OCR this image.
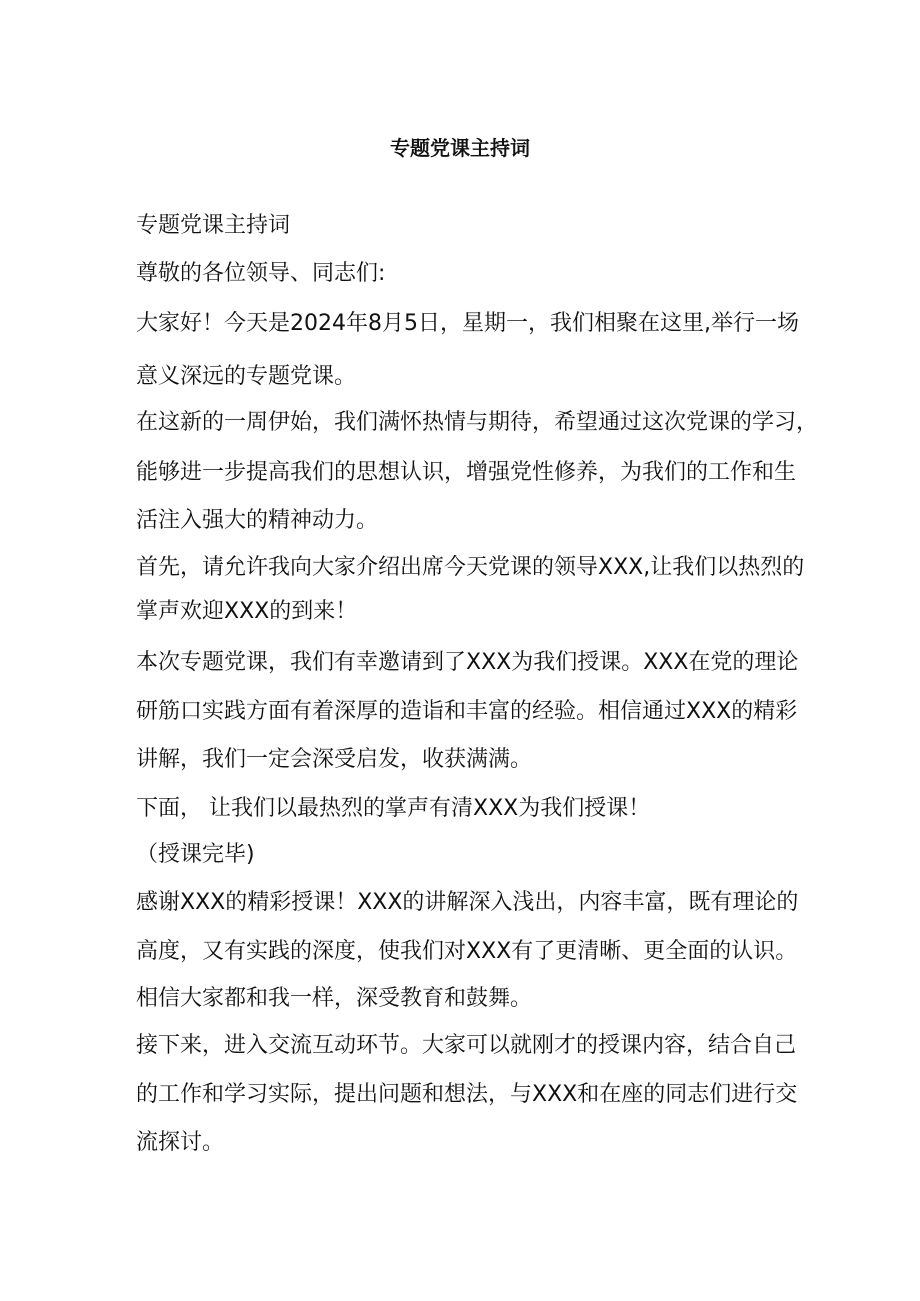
专题党课主持词
专题党课主持词
尊敬的各位领导、同志们:
大家好！今天是2024年8月5日，星期一，我们相聚在这里,举行一场
意义深远的专题党课。
在这新的一周伊始，我们满怀热情与期待，希望通过这次党课的学习，
能够进一步提高我们的思想认识，增强党性修养，为我们的工作和生
活注入强大的精神动力。
首先，请允许我向大家介绍出席今天党课的领导XXX,让我们以热烈的
掌声欢迎XXX的到来！
本次专题党课，我们有幸邀请到了XXX为我们授课。XXX在党的理论
研筋口实践方面有着深厚的造诣和丰富的经验。相信通过XXX的精彩
讲解，我们一定会深受启发，收获满满。
下面， 让我们以最热烈的掌声有清XXX为我们授课！
（授课完毕)
感谢XXX的精彩授课！XXX的讲解深入浅出，内容丰富，既有理论的
高度，又有实践的深度，使我们对XXX有了更清晰、更全面的认识。
相信大家都和我一样，深受教育和鼓舞。
接下来，进入交流互动环节。大家可以就刚才的授课内容，结合自己
的工作和学习实际，提出问题和想法，与XXX和在座的同志们进行交
流探讨。
